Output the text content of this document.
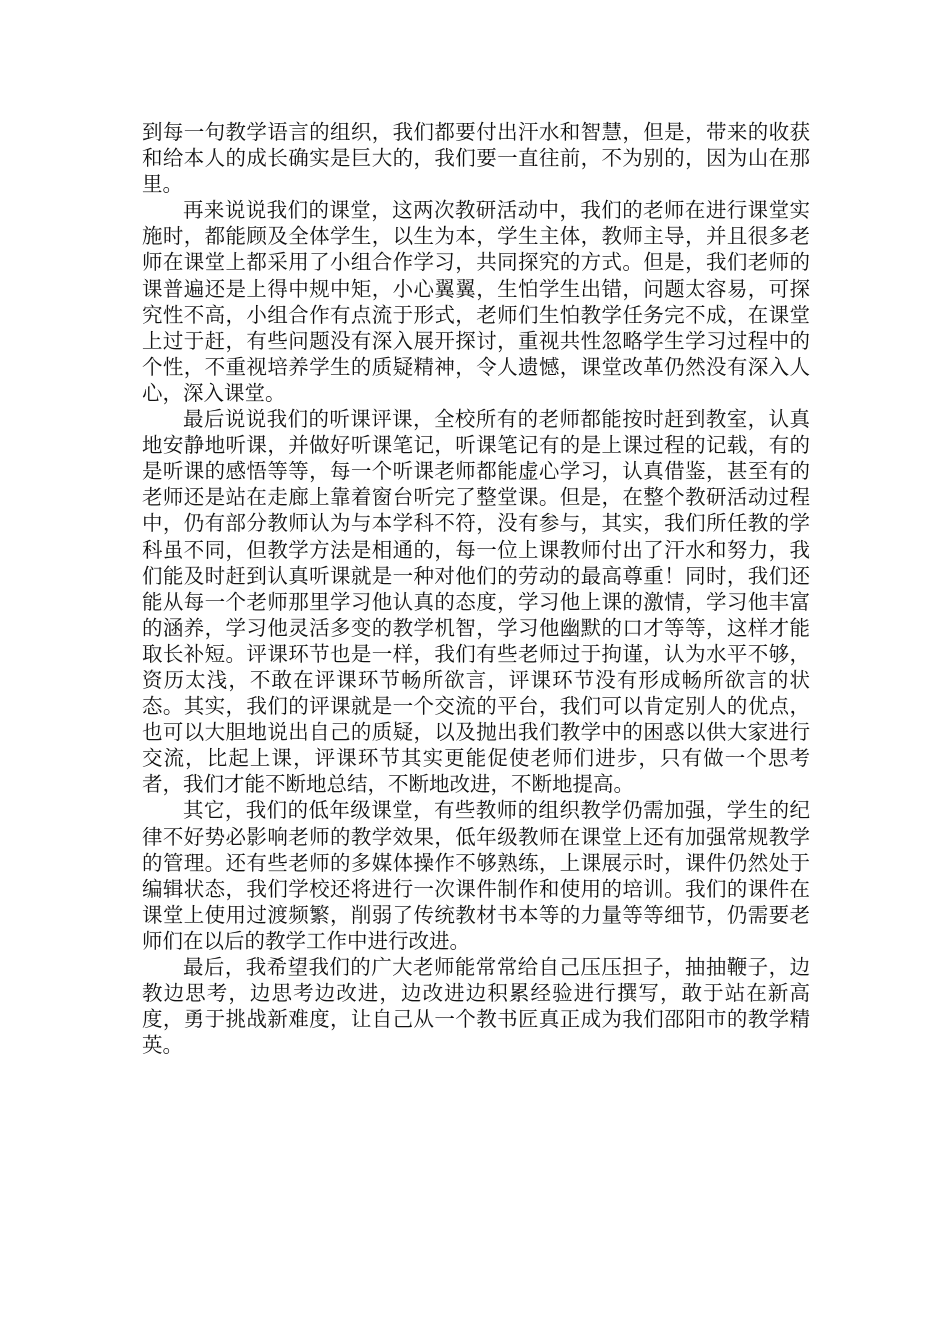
到每一句教学语言的组织，我们都要付出汗水和智慧，但是，带来的收获和给本人的成长确实是巨大的，我们要一直往前，不为别的，因为山在那里。

再来说说我们的课堂，这两次教研活动中，我们的老师在进行课堂实施时，都能顾及全体学生，以生为本，学生主体，教师主导，并且很多老师在课堂上都采用了小组合作学习，共同探究的方式。但是，我们老师的课普遍还是上得中规中矩，小心翼翼，生怕学生出错，问题太容易，可探究性不高，小组合作有点流于形式，老师们生怕教学任务完不成，在课堂上过于赶，有些问题没有深入展开探讨，重视共性忽略学生学习过程中的个性，不重视培养学生的质疑精神，令人遗憾，课堂改革仍然没有深入人心，深入课堂。

最后说说我们的听课评课，全校所有的老师都能按时赶到教室，认真地安静地听课，并做好听课笔记，听课笔记有的是上课过程的记载，有的是听课的感悟等等，每一个听课老师都能虚心学习，认真借鉴，甚至有的老师还是站在走廊上靠着窗台听完了整堂课。但是，在整个教研活动过程中，仍有部分教师认为与本学科不符，没有参与，其实，我们所任教的学科虽不同，但教学方法是相通的，每一位上课教师付出了汗水和努力，我们能及时赶到认真听课就是一种对他们的劳动的最高尊重！同时，我们还能从每一个老师那里学习他认真的态度，学习他上课的激情，学习他丰富的涵养，学习他灵活多变的教学机智，学习他幽默的口才等等，这样才能取长补短。评课环节也是一样，我们有些老师过于拘谨，认为水平不够，资历太浅，不敢在评课环节畅所欲言，评课环节没有形成畅所欲言的状态。其实，我们的评课就是一个交流的平台，我们可以肯定别人的优点，也可以大胆地说出自己的质疑，以及抛出我们教学中的困惑以供大家进行交流，比起上课，评课环节其实更能促使老师们进步，只有做一个思考者，我们才能不断地总结，不断地改进，不断地提高。

其它，我们的低年级课堂，有些教师的组织教学仍需加强，学生的纪律不好势必影响老师的教学效果，低年级教师在课堂上还有加强常规教学的管理。还有些老师的多媒体操作不够熟练，上课展示时，课件仍然处于编辑状态，我们学校还将进行一次课件制作和使用的培训。我们的课件在课堂上使用过渡频繁，削弱了传统教材书本等的力量等等细节，仍需要老师们在以后的教学工作中进行改进。

最后，我希望我们的广大老师能常常给自己压压担子，抽抽鞭子，边教边思考，边思考边改进，边改进边积累经验进行撰写，敢于站在新高度，勇于挑战新难度，让自己从一个教书匠真正成为我们邵阳市的教学精英。
